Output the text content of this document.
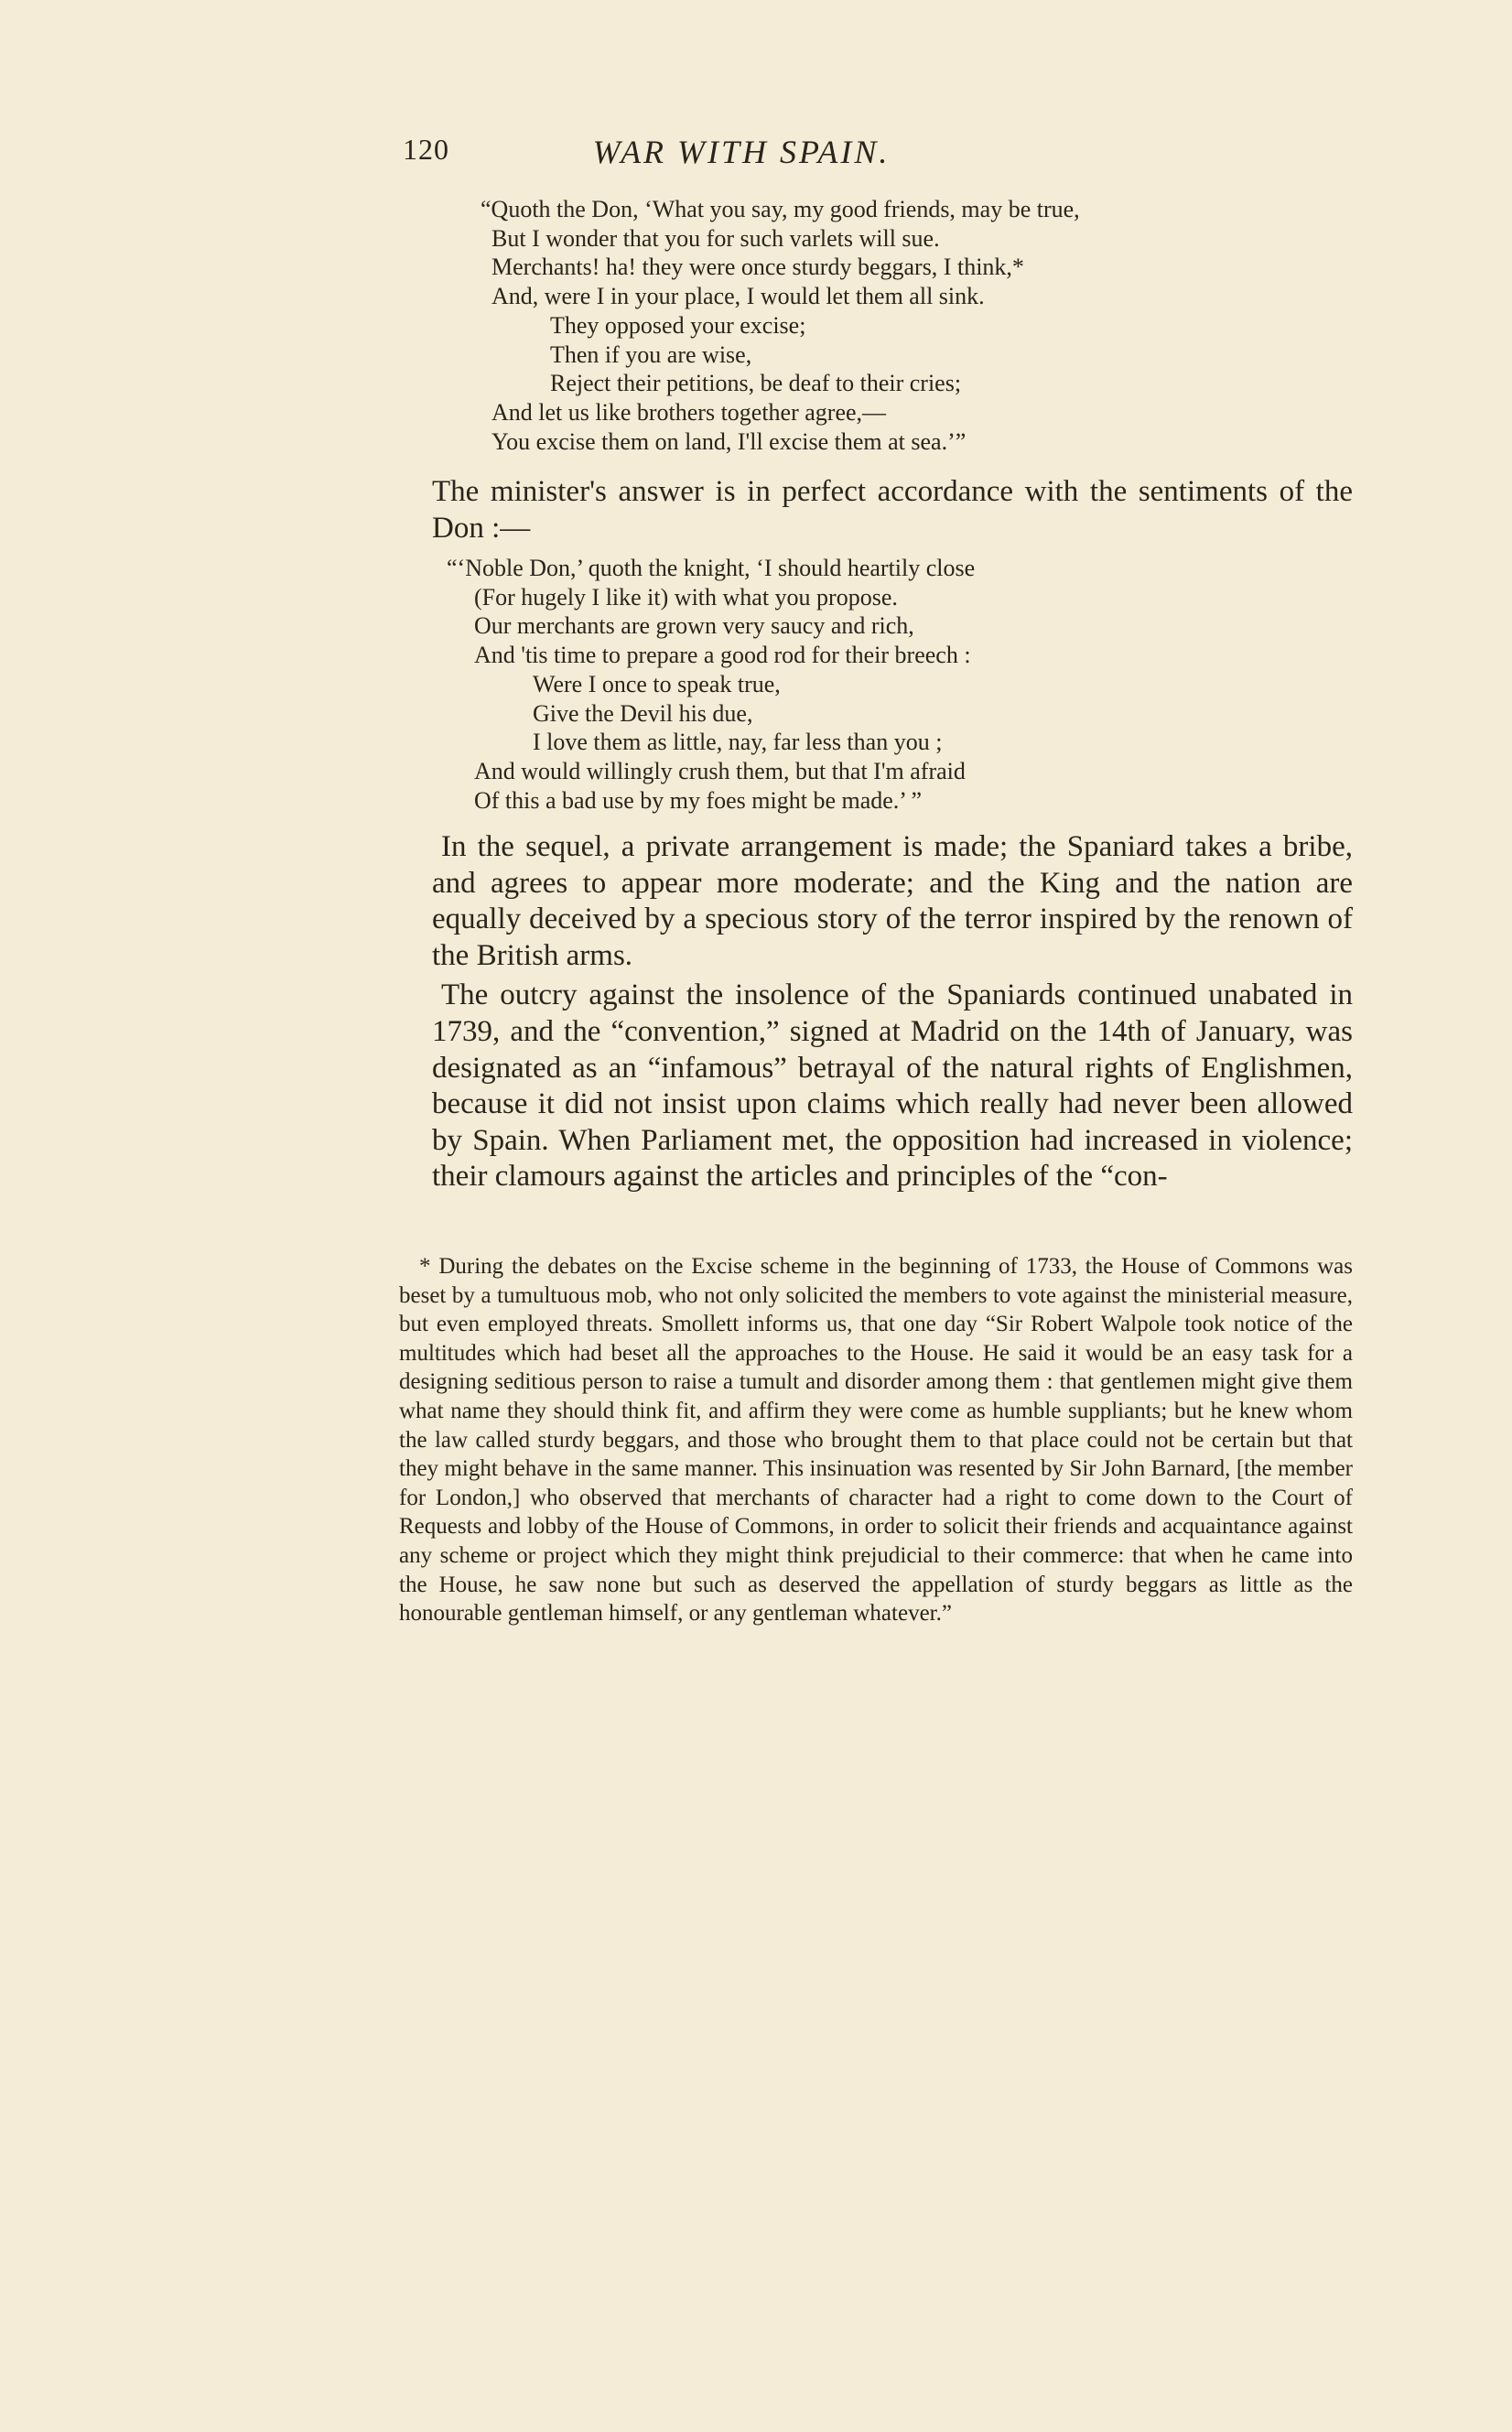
120	WAR WITH SPAIN.
“Quoth the Don, ‘What you say, my good friends, may be true,
But I wonder that you for such varlets will sue.
Merchants! ha! they were once sturdy beggars, I think,*
And, were I in your place, I would let them all sink.
They opposed your excise;
Then if you are wise,
Reject their petitions, be deaf to their cries;
And let us like brothers together agree,—
You excise them on land, I'll excise them at sea.’”

The minister's answer is in perfect accordance with the sentiments of the Don :—

“‘Noble Don,’ quoth the knight, ‘I should heartily close
(For hugely I like it) with what you propose.
Our merchants are grown very saucy and rich,
And 'tis time to prepare a good rod for their breech :
Were I once to speak true,
Give the Devil his due,
I love them as little, nay, far less than you ;
And would willingly crush them, but that I'm afraid
Of this a bad use by my foes might be made.’ ”

In the sequel, a private arrangement is made; the Spaniard takes a bribe, and agrees to appear more moderate; and the King and the nation are equally deceived by a specious story of the terror inspired by the renown of the British arms.

The outcry against the insolence of the Spaniards continued unabated in 1739, and the “convention,” signed at Madrid on the 14th of January, was designated as an “infamous” betrayal of the natural rights of Englishmen, because it did not insist upon claims which really had never been allowed by Spain. When Parliament met, the opposition had increased in violence; their clamours against the articles and principles of the “con-

* During the debates on the Excise scheme in the beginning of 1733, the House of Commons was beset by a tumultuous mob, who not only solicited the members to vote against the ministerial measure, but even employed threats. Smollett informs us, that one day “Sir Robert Walpole took notice of the multitudes which had beset all the approaches to the House. He said it would be an easy task for a designing seditious person to raise a tumult and disorder among them : that gentlemen might give them what name they should think fit, and affirm they were come as humble suppliants; but he knew whom the law called sturdy beggars, and those who brought them to that place could not be certain but that they might behave in the same manner. This insinuation was resented by Sir John Barnard, [the member for London,] who observed that merchants of character had a right to come down to the Court of Requests and lobby of the House of Commons, in order to solicit their friends and acquaintance against any scheme or project which they might think prejudicial to their commerce: that when he came into the House, he saw none but such as deserved the appellation of sturdy beggars as little as the honourable gentleman himself, or any gentleman whatever.”
